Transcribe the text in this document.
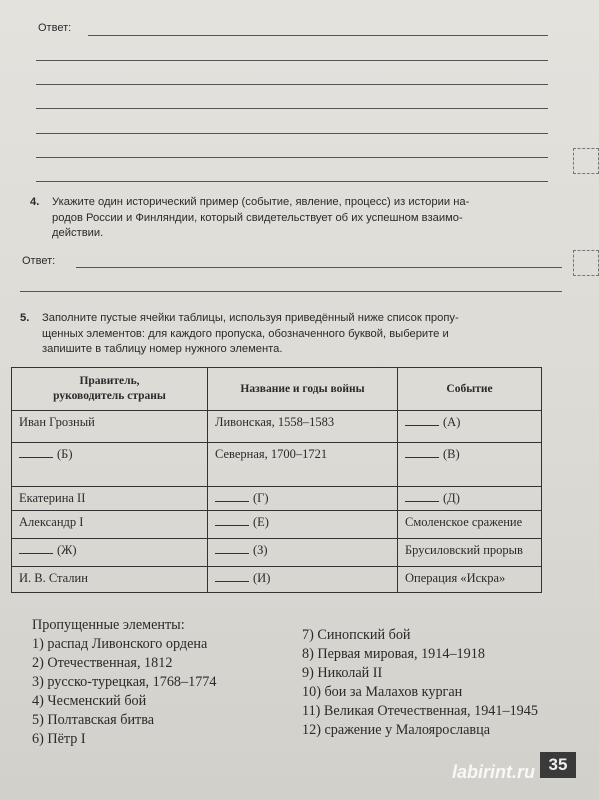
Ответ:
4. Укажите один исторический пример (событие, явление, процесс) из истории на-
родов России и Финляндии, который свидетельствует об их успешном взаимо-
действии.
Ответ:
5. Заполните пустые ячейки таблицы, используя приведённый ниже список пропу-
щенных элементов: для каждого пропуска, обозначенного буквой, выберите и
запишите в таблицу номер нужного элемента.
Правитель,
руководитель страны	Название и годы войны	Событие

Иван Грозный	Ливонская, 1558–1583	(А)

(Б)	Северная, 1700–1721	(В)

Екатерина II	(Г)	(Д)

Александр I	(Е)	Смоленское сражение

(Ж)	(З)	Брусиловский прорыв

И. В. Сталин	(И)	Операция «Искра»
Пропущенные элементы:
1) распад Ливонского ордена
2) Отечественная, 1812
3) русско-турецкая, 1768–1774
4) Чесменский бой
5) Полтавская битва
6) Пётр I
7) Синопский бой
8) Первая мировая, 1914–1918
9) Николай II
10) бои за Малахов курган
11) Великая Отечественная, 1941–1945
12) сражение у Малоярославца
labirint.ru 35
